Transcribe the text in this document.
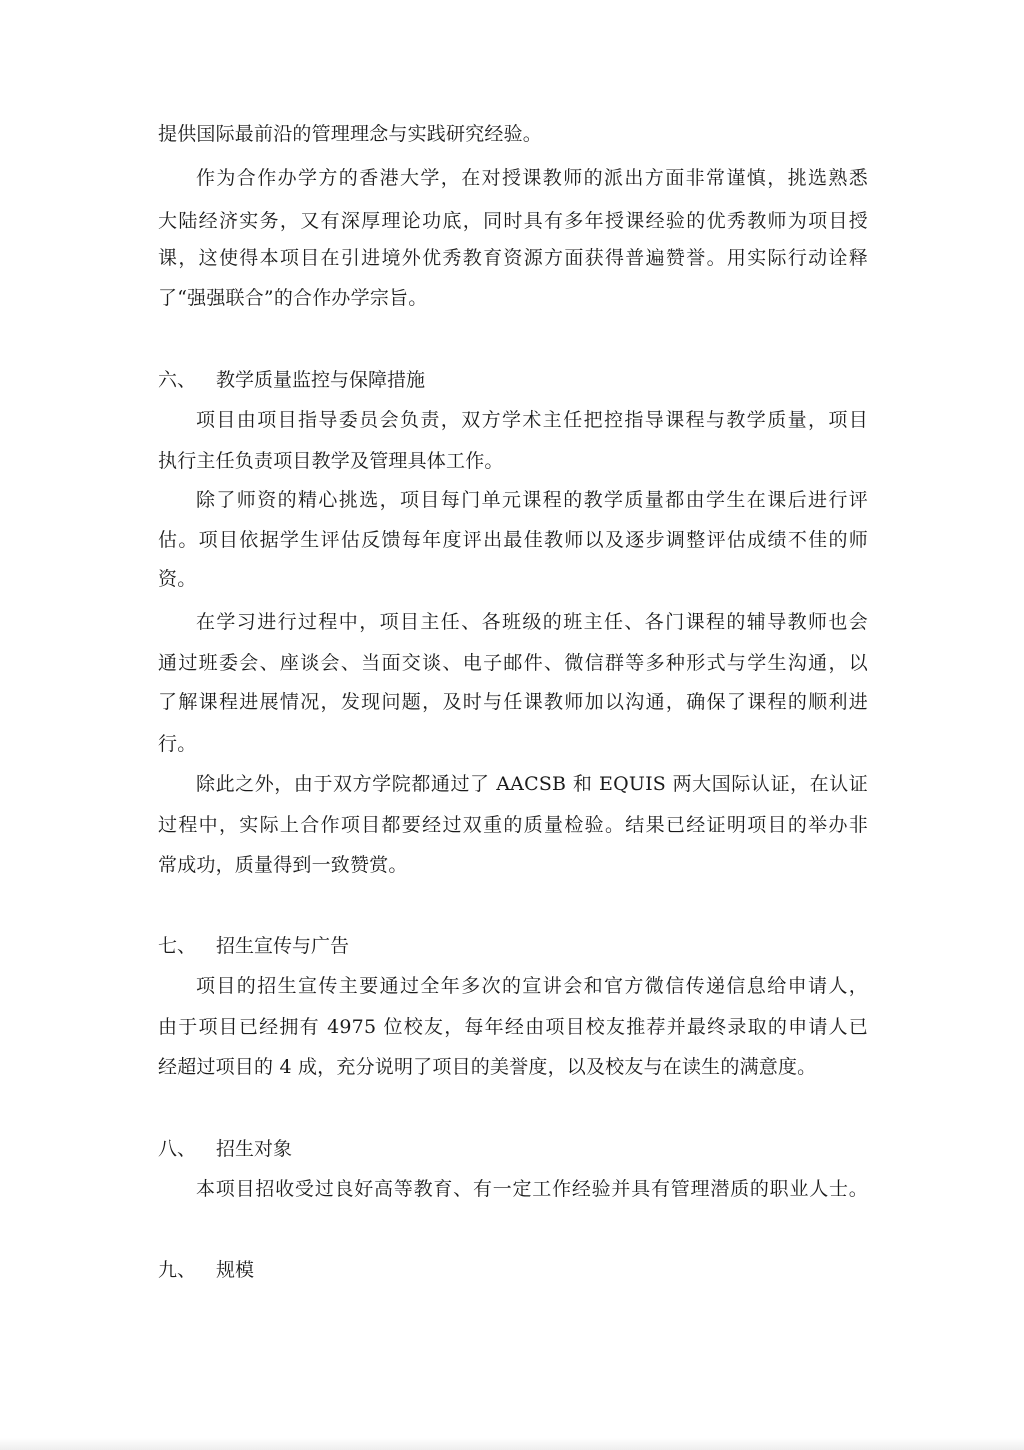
提供国际最前沿的管理理念与实践研究经验。
作为合作办学方的香港大学，在对授课教师的派出方面非常谨慎，挑选熟悉
大陆经济实务，又有深厚理论功底，同时具有多年授课经验的优秀教师为项目授
课，这使得本项目在引进境外优秀教育资源方面获得普遍赞誉。用实际行动诠释
了“强强联合”的合作办学宗旨。
六、 教学质量监控与保障措施
项目由项目指导委员会负责，双方学术主任把控指导课程与教学质量，项目
执行主任负责项目教学及管理具体工作。
除了师资的精心挑选，项目每门单元课程的教学质量都由学生在课后进行评
估。项目依据学生评估反馈每年度评出最佳教师以及逐步调整评估成绩不佳的师
资。
在学习进行过程中，项目主任、各班级的班主任、各门课程的辅导教师也会
通过班委会、座谈会、当面交谈、电子邮件、微信群等多种形式与学生沟通，以
了解课程进展情况，发现问题，及时与任课教师加以沟通，确保了课程的顺利进
行。
除此之外，由于双方学院都通过了 AACSB 和 EQUIS 两大国际认证，在认证
过程中，实际上合作项目都要经过双重的质量检验。结果已经证明项目的举办非
常成功，质量得到一致赞赏。
七、 招生宣传与广告
项目的招生宣传主要通过全年多次的宣讲会和官方微信传递信息给申请人，
由于项目已经拥有 4975 位校友，每年经由项目校友推荐并最终录取的申请人已
经超过项目的 4 成，充分说明了项目的美誉度，以及校友与在读生的满意度。
八、 招生对象
本项目招收受过良好高等教育、有一定工作经验并具有管理潜质的职业人士。
九、 规模
